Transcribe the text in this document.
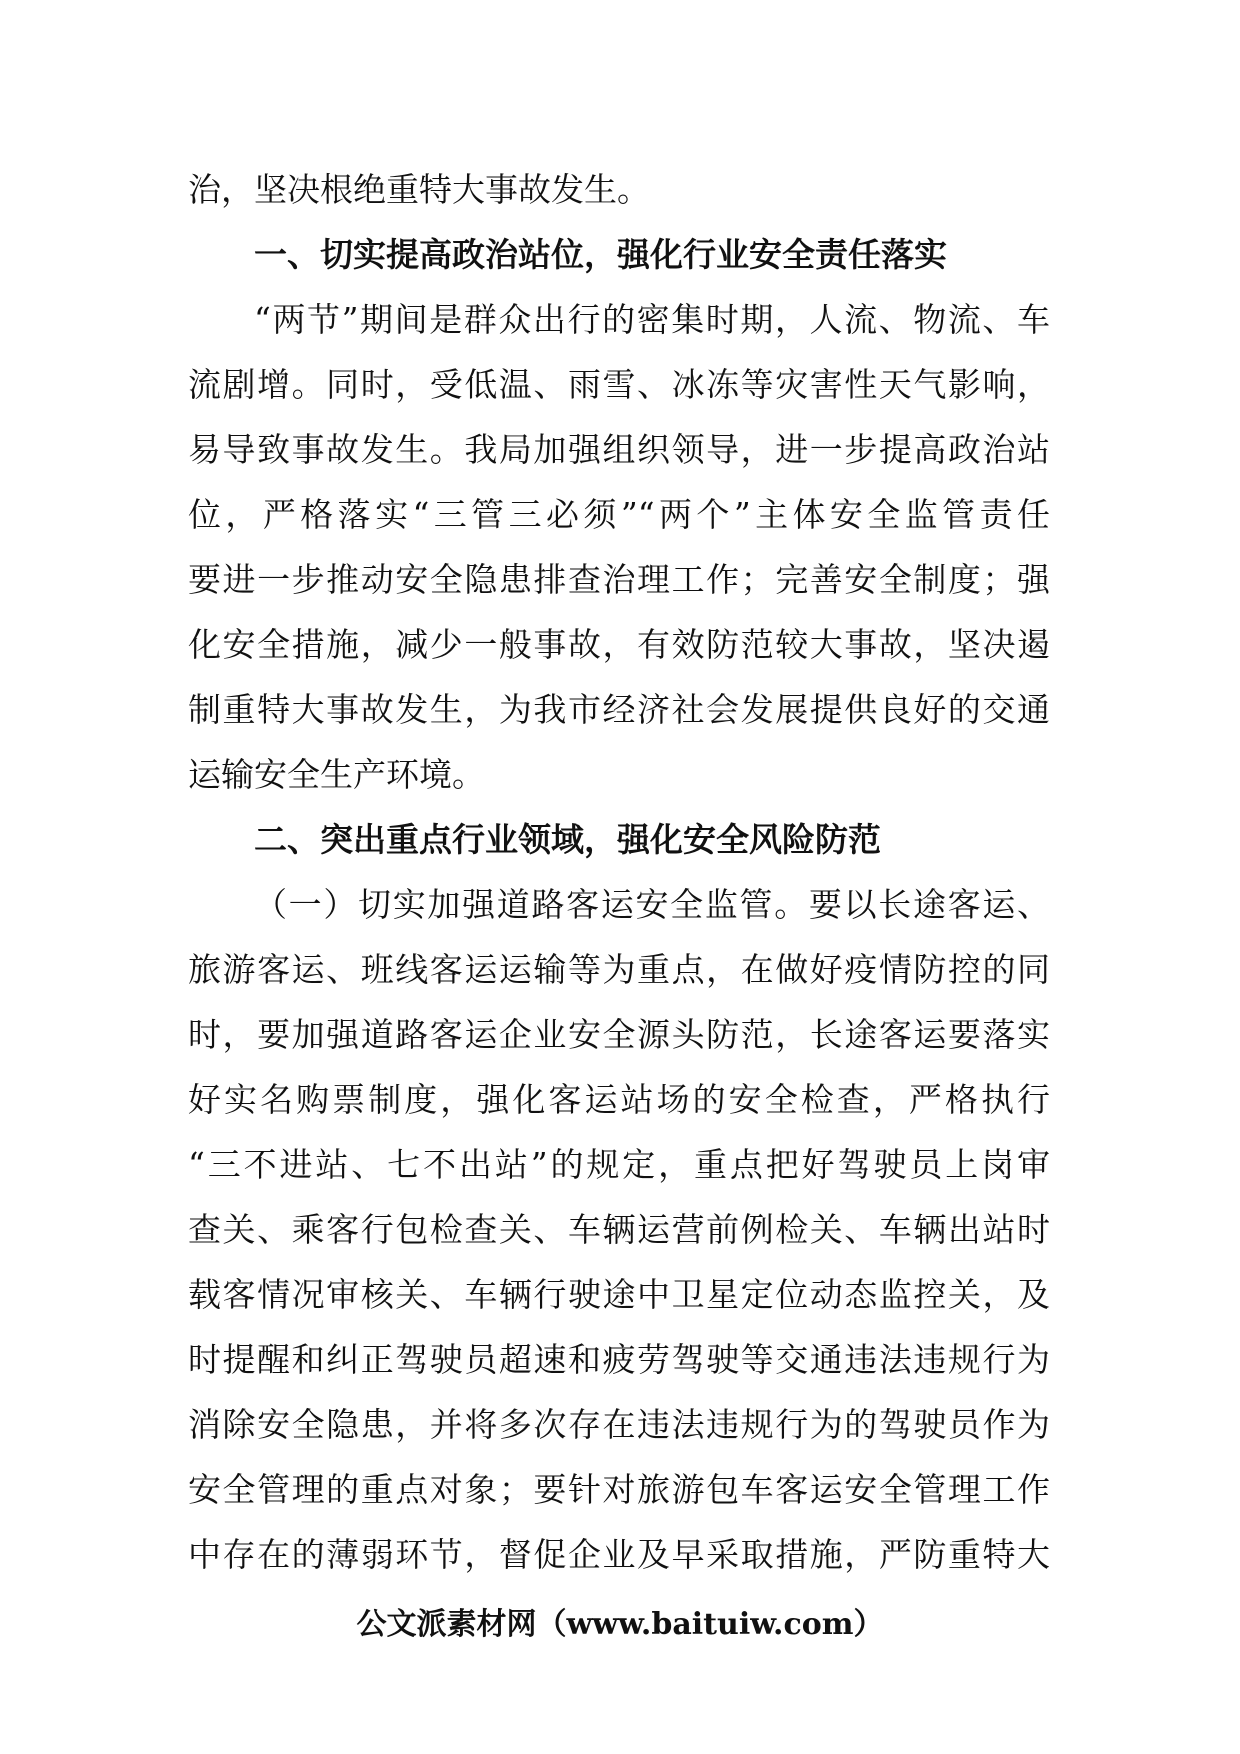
治，坚决根绝重特大事故发生。
一、切实提高政治站位，强化行业安全责任落实
“两节”期间是群众出行的密集时期，人流、物流、车
流剧增。同时，受低温、雨雪、冰冻等灾害性天气影响，
易导致事故发生。我局加强组织领导，进一步提高政治站
位，严格落实“三管三必须”“两个”主体安全监管责任
要进一步推动安全隐患排查治理工作；完善安全制度；强
化安全措施，减少一般事故，有效防范较大事故，坚决遏
制重特大事故发生，为我市经济社会发展提供良好的交通
运输安全生产环境。
二、突出重点行业领域，强化安全风险防范
（一）切实加强道路客运安全监管。要以长途客运、
旅游客运、班线客运运输等为重点，在做好疫情防控的同
时，要加强道路客运企业安全源头防范，长途客运要落实
好实名购票制度，强化客运站场的安全检查，严格执行
“三不进站、七不出站”的规定，重点把好驾驶员上岗审
查关、乘客行包检查关、车辆运营前例检关、车辆出站时
载客情况审核关、车辆行驶途中卫星定位动态监控关，及
时提醒和纠正驾驶员超速和疲劳驾驶等交通违法违规行为
消除安全隐患，并将多次存在违法违规行为的驾驶员作为
安全管理的重点对象；要针对旅游包车客运安全管理工作
中存在的薄弱环节，督促企业及早采取措施，严防重特大
公文派素材网（www.baituiw.com）
